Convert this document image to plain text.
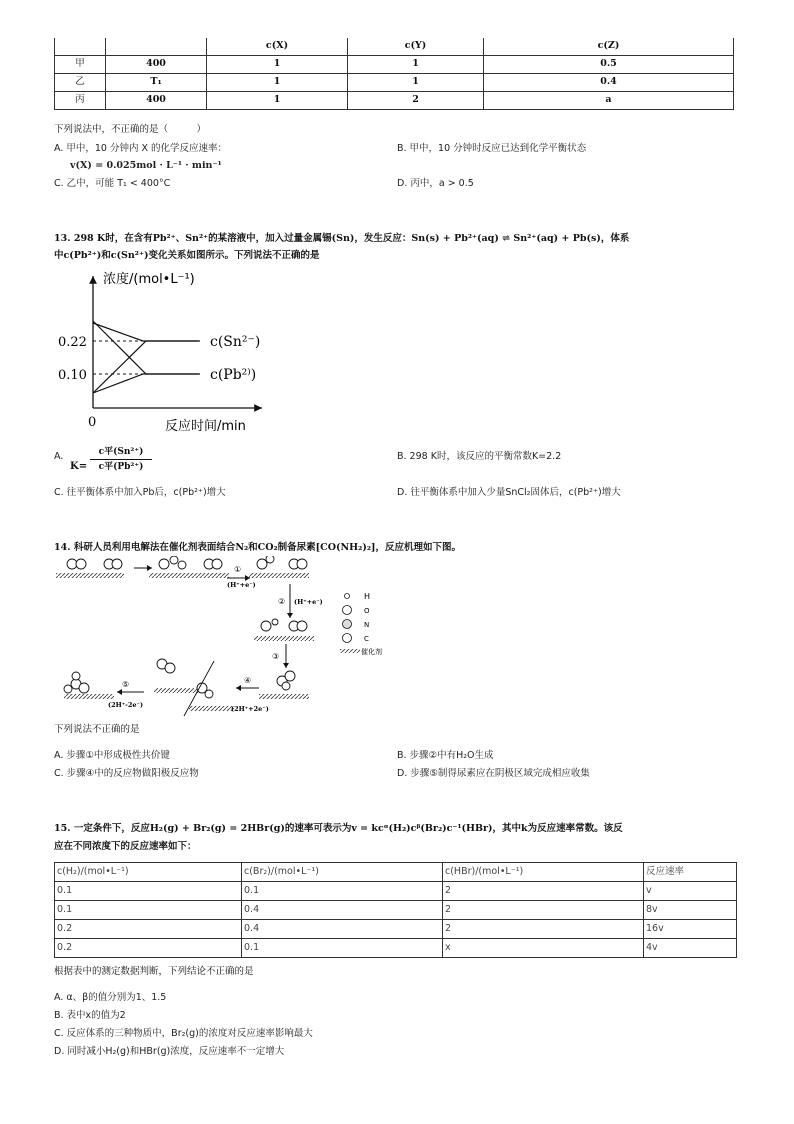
		c(X)	c(Y)	c(Z)
甲	400	1	1	0.5
乙	T₁	1	1	0.4
丙	400	1	2	a
下列说法中，不正确的是（　　　）
A. 甲中，10 分钟内 X 的化学反应速率：
v(X) = 0.025mol · L⁻¹ · min⁻¹
B. 甲中，10 分钟时反应已达到化学平衡状态
C. 乙中，可能 T₁ < 400°C	D. 丙中，a > 0.5
13. 298 K时，在含有Pb²⁺、Sn²⁺的某溶液中，加入过量金属锡(Sn)，发生反应：Sn(s) + Pb²⁺(aq) ⇌ Sn²⁺(aq) + Pb(s)，体系
中c(Pb²⁺)和c(Sn²⁺)变化关系如图所示。下列说法不正确的是
浓度/(mol•L⁻¹)
0.22
0.10
0	反应时间/min
c(Sn²⁻)
c(Pb²⁾)
A.
K=
c平(Sn²⁺)
c平(Pb²⁺)
B. 298 K时，该反应的平衡常数K=2.2
C. 往平衡体系中加入Pb后，c(Pb²⁺)增大	D. 往平衡体系中加入少量SnCl₂固体后，c(Pb²⁺)增大
14. 科研人员利用电解法在催化剂表面结合N₂和CO₂制备尿素[CO(NH₂)₂]，反应机理如下图。
①
(H⁺+e⁻)
② (H⁺+e⁻)
③
④
(2H⁺+2e⁻)
⑤
(2H⁺-2e⁻)
H
O
N
C
催化剂
下列说法不正确的是
A. 步骤①中形成极性共价键	B. 步骤②中有H₂O生成
C. 步骤④中的反应物做阳极反应物	D. 步骤⑤制得尿素应在阴极区域完成相应收集
15. 一定条件下，反应H₂(g) + Br₂(g) = 2HBr(g)的速率可表示为v = kcᵅ(H₂)cᵝ(Br₂)c⁻¹(HBr)，其中k为反应速率常数。该反
应在不同浓度下的反应速率如下：
c(H₂)/(mol•L⁻¹)	c(Br₂)/(mol•L⁻¹)	c(HBr)/(mol•L⁻¹)	反应速率
0.1	0.1	2	v
0.1	0.4	2	8v
0.2	0.4	2	16v
0.2	0.1	x	4v
根据表中的测定数据判断，下列结论不正确的是
A. α、β的值分别为1、1.5
B. 表中x的值为2
C. 反应体系的三种物质中，Br₂(g)的浓度对反应速率影响最大
D. 同时减小H₂(g)和HBr(g)浓度，反应速率不一定增大
